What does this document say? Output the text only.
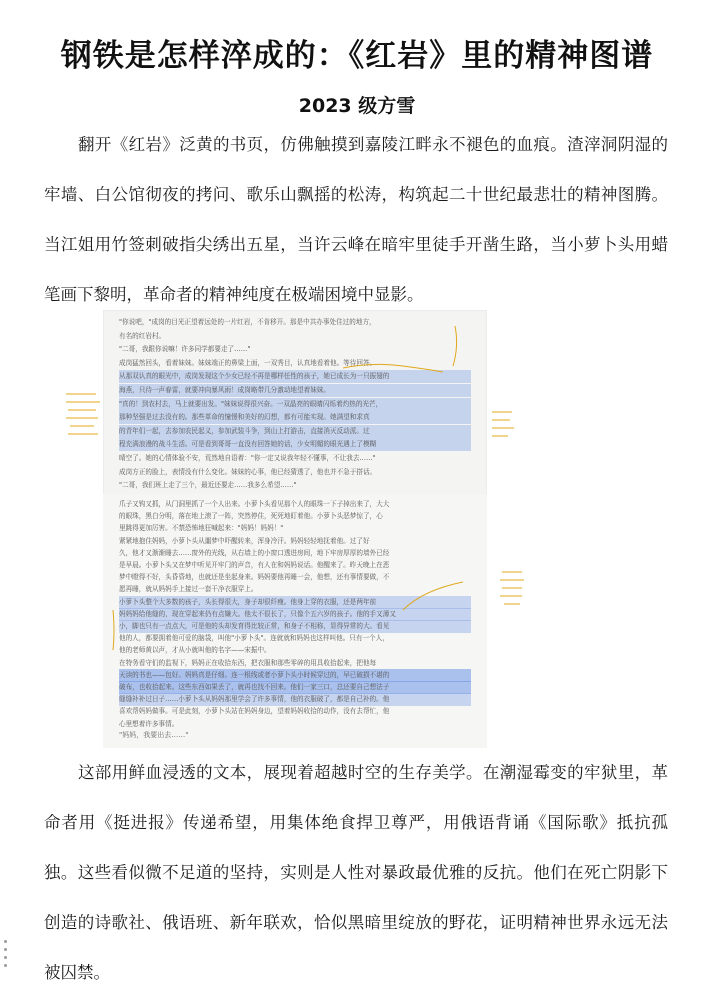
钢铁是怎样淬成的：《红岩》里的精神图谱
2023 级方雪

翻开《红岩》泛黄的书页，仿佛触摸到嘉陵江畔永不褪色的血痕。渣滓洞阴湿的牢墙、白公馆彻夜的拷问、歌乐山飘摇的松涛，构筑起二十世纪最悲壮的精神图腾。当江姐用竹签刺破指尖绣出五星，当许云峰在暗牢里徒手开凿生路，当小萝卜头用蜡笔画下黎明，革命者的精神纯度在极端困境中显影。

"你说吧，"成岗的目光正望着远处的一片红岩，不肯移开。那是中共办事处住过的地方，
有名的红岩村。
"二哥，我跟你说嘛！许多同学都要走了……"
成岗猛然回头，看着妹妹。妹妹端正的鼻梁上面，一双秀目，认真地看着他。等待回答。
从那双认真的眼光中，成岗发现这个少女已经不再是哪样任性的孩子，她已成长为一只振翅的
海燕，只待一声春雷，就要冲向暴风雨！成岗略带几分激动地望着妹妹。
"真的！到农村去，马上就要出发。"妹妹说得很兴奋。一双晶亮的眼睛闪烁着灼热的光芒，
那种坚强是过去没有的。那些革命的憧憬和美好的幻想，都有可能实现。她满望和求真
的青年们一起，去参加农民起义，参加武装斗争，到山上打游击，直接消灭反动派。过
程充满浪漫的战斗生活。可是看到哥哥一直没有回答她的话，少女明媚的眼光遇上了模糊
晴空了。她的心情体验不安，荒然地自语着："你一定又说我年轻不懂事，不让我去……"
成岗方正的脸上，表情没有什么变化。妹妹的心事，他已经猜透了，他也并不急于搭话。
"二哥，我们班上走了三个，最近还要走……我多么希望……"
爪子又钩又抓，从门洞里抓了一个人出来。小萝卜头看见那个人的眼珠一下子掉出来了，大大
的眼珠，黑白分明，落在地上滚了一阵，突然停住，死死地盯着他。小萝卜头恶梦惊了，心
里跳得更加厉害。不禁恐怖地狂喊起来："妈妈！妈妈！"
紧紧地抱住妈妈，小萝卜头从噩梦中吓醒转来，浑身冷汗。妈妈轻轻地抚着他。过了好
久，他才又渐渐睡去……窗外的光线，从右墙上的小窗口透进房间，地下牢房厚厚的墙外已经
是早晨。小萝卜头又在梦中听见开牢门的声音，有人在和妈妈说话。他醒来了。昨天晚上在恶
梦中瞪得不好，头昏昏地，也就还是坐起身来。妈妈要他再睡一会，他想，还有事情要做，不
愿再睡，就从妈妈手上接过一套干净衣服穿上。
小萝卜头整个大多数的孩子，头长得很大，身子却很纤瘦。他身上穿的衣服，还是两年前
妈妈妈给他缝的，现在穿起来仍有点嫌大。他太不很长了，只像个五六岁的孩子。他的手又薄又
小，脚也只有一点点大，可是他的头却发育得比较正常，和身子不相称，显得异常的大。看见
他的人，都要拥着他可爱的脑袋，叫他"小萝卜头"。连就就和妈妈也这样叫他。只有一个人，
他的老师黄以声，才从小就叫他的名字——宋振中。
在特务看守们的监视下，妈妈正在收拾东西，把衣服和那些零碎的用具收拾起来，把他每
天读的书也——包好。妈妈真是仔细。连一根线或者小萝卜头小时候穿过的，早已破损不堪的
破布，也收拾起来。这些东西如果丢了，就再也找不回来。他们一家三口，总还要自己想法子
缝缝补补过日子……小萝卜头从妈妈那里学会了许多事情，他的衣服破了，都是自己补的。他
喜欢帮妈妈做事。可是此刻，小萝卜头站在妈妈身边，望着妈妈收拾的动作，没有去帮忙，他
心里想着许多事情。
"妈妈，我要出去……"

这部用鲜血浸透的文本，展现着超越时空的生存美学。在潮湿霉变的牢狱里，革命者用《挺进报》传递希望，用集体绝食捍卫尊严，用俄语背诵《国际歌》抵抗孤独。这些看似微不足道的坚持，实则是人性对暴政最优雅的反抗。他们在死亡阴影下创造的诗歌社、俄语班、新年联欢，恰似黑暗里绽放的野花，证明精神世界永远无法被囚禁。
